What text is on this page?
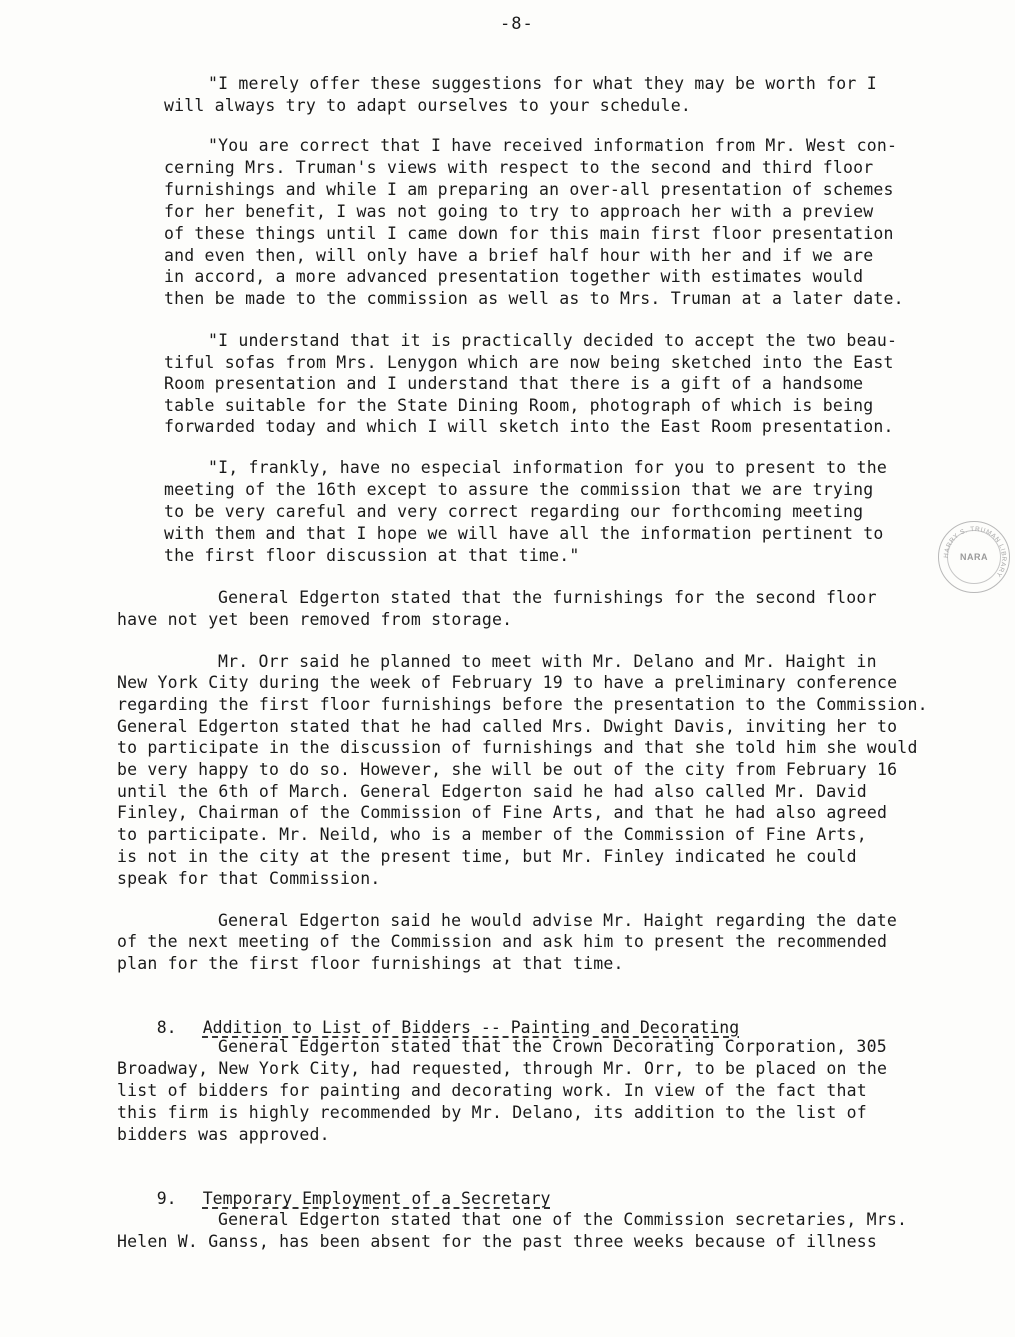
-8-
"I merely offer these suggestions for what they may be worth for I
will always try to adapt ourselves to your schedule.
"You are correct that I have received information from Mr. West con-
cerning Mrs. Truman's views with respect to the second and third floor
furnishings and while I am preparing an over-all presentation of schemes
for her benefit, I was not going to try to approach her with a preview
of these things until I came down for this main first floor presentation
and even then, will only have a brief half hour with her and if we are
in accord, a more advanced presentation together with estimates would
then be made to the commission as well as to Mrs. Truman at a later date.
"I understand that it is practically decided to accept the two beau-
tiful sofas from Mrs. Lenygon which are now being sketched into the East
Room presentation and I understand that there is a gift of a handsome
table suitable for the State Dining Room, photograph of which is being
forwarded today and which I will sketch into the East Room presentation.
"I, frankly, have no especial information for you to present to the
meeting of the 16th except to assure the commission that we are trying
to be very careful and very correct regarding our forthcoming meeting
with them and that I hope we will have all the information pertinent to
the first floor discussion at that time."
General Edgerton stated that the furnishings for the second floor
have not yet been removed from storage.
Mr. Orr said he planned to meet with Mr. Delano and Mr. Haight in
New York City during the week of February 19 to have a preliminary conference
regarding the first floor furnishings before the presentation to the Commission.
General Edgerton stated that he had called Mrs. Dwight Davis, inviting her to
to participate in the discussion of furnishings and that she told him she would
be very happy to do so. However, she will be out of the city from February 16
until the 6th of March. General Edgerton said he had also called Mr. David
Finley, Chairman of the Commission of Fine Arts, and that he had also agreed
to participate. Mr. Neild, who is a member of the Commission of Fine Arts,
is not in the city at the present time, but Mr. Finley indicated he could
speak for that Commission.
General Edgerton said he would advise Mr. Haight regarding the date
of the next meeting of the Commission and ask him to present the recommended
plan for the first floor furnishings at that time.

8. Addition to List of Bidders -- Painting and Decorating

General Edgerton stated that the Crown Decorating Corporation, 305
Broadway, New York City, had requested, through Mr. Orr, to be placed on the
list of bidders for painting and decorating work. In view of the fact that
this firm is highly recommended by Mr. Delano, its addition to the list of
bidders was approved.

9. Temporary Employment of a Secretary

General Edgerton stated that one of the Commission secretaries, Mrs.
Helen W. Ganss, has been absent for the past three weeks because of illness
HARRY S. TRUMAN LIBRARY
NARA
